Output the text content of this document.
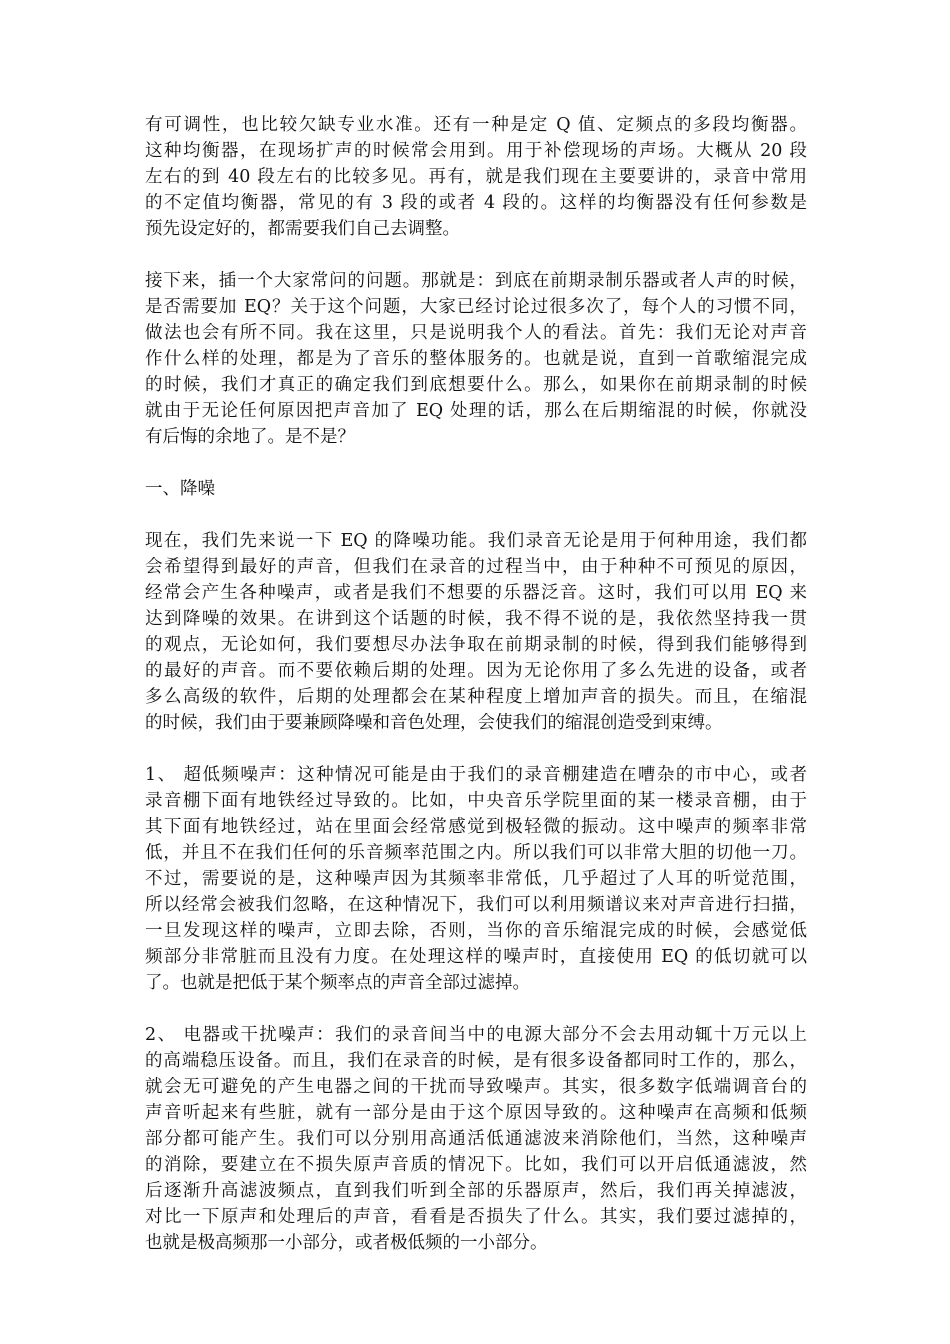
有可调性，也比较欠缺专业水准。还有一种是定 Q 值、定频点的多段均衡器。
这种均衡器，在现场扩声的时候常会用到。用于补偿现场的声场。大概从 20 段
左右的到 40 段左右的比较多见。再有，就是我们现在主要要讲的，录音中常用
的不定值均衡器，常见的有 3 段的或者 4 段的。这样的均衡器没有任何参数是
预先设定好的，都需要我们自己去调整。
接下来，插一个大家常问的问题。那就是：到底在前期录制乐器或者人声的时候，
是否需要加 EQ？关于这个问题，大家已经讨论过很多次了，每个人的习惯不同，
做法也会有所不同。我在这里，只是说明我个人的看法。首先：我们无论对声音
作什么样的处理，都是为了音乐的整体服务的。也就是说，直到一首歌缩混完成
的时候，我们才真正的确定我们到底想要什么。那么，如果你在前期录制的时候
就由于无论任何原因把声音加了 EQ 处理的话，那么在后期缩混的时候，你就没
有后悔的余地了。是不是？
一、降噪
现在，我们先来说一下 EQ 的降噪功能。我们录音无论是用于何种用途，我们都
会希望得到最好的声音，但我们在录音的过程当中，由于种种不可预见的原因，
经常会产生各种噪声，或者是我们不想要的乐器泛音。这时，我们可以用 EQ 来
达到降噪的效果。在讲到这个话题的时候，我不得不说的是，我依然坚持我一贯
的观点，无论如何，我们要想尽办法争取在前期录制的时候，得到我们能够得到
的最好的声音。而不要依赖后期的处理。因为无论你用了多么先进的设备，或者
多么高级的软件，后期的处理都会在某种程度上增加声音的损失。而且，在缩混
的时候，我们由于要兼顾降噪和音色处理，会使我们的缩混创造受到束缚。
1、 超低频噪声：这种情况可能是由于我们的录音棚建造在嘈杂的市中心，或者
录音棚下面有地铁经过导致的。比如，中央音乐学院里面的某一楼录音棚，由于
其下面有地铁经过，站在里面会经常感觉到极轻微的振动。这中噪声的频率非常
低，并且不在我们任何的乐音频率范围之内。所以我们可以非常大胆的切他一刀。
不过，需要说的是，这种噪声因为其频率非常低，几乎超过了人耳的听觉范围，
所以经常会被我们忽略，在这种情况下，我们可以利用频谱议来对声音进行扫描，
一旦发现这样的噪声，立即去除，否则，当你的音乐缩混完成的时候，会感觉低
频部分非常脏而且没有力度。在处理这样的噪声时，直接使用 EQ 的低切就可以
了。也就是把低于某个频率点的声音全部过滤掉。
2、 电器或干扰噪声：我们的录音间当中的电源大部分不会去用动辄十万元以上
的高端稳压设备。而且，我们在录音的时候，是有很多设备都同时工作的，那么，
就会无可避免的产生电器之间的干扰而导致噪声。其实，很多数字低端调音台的
声音听起来有些脏，就有一部分是由于这个原因导致的。这种噪声在高频和低频
部分都可能产生。我们可以分别用高通活低通滤波来消除他们，当然，这种噪声
的消除，要建立在不损失原声音质的情况下。比如，我们可以开启低通滤波，然
后逐渐升高滤波频点，直到我们听到全部的乐器原声，然后，我们再关掉滤波，
对比一下原声和处理后的声音，看看是否损失了什么。其实，我们要过滤掉的，
也就是极高频那一小部分，或者极低频的一小部分。
